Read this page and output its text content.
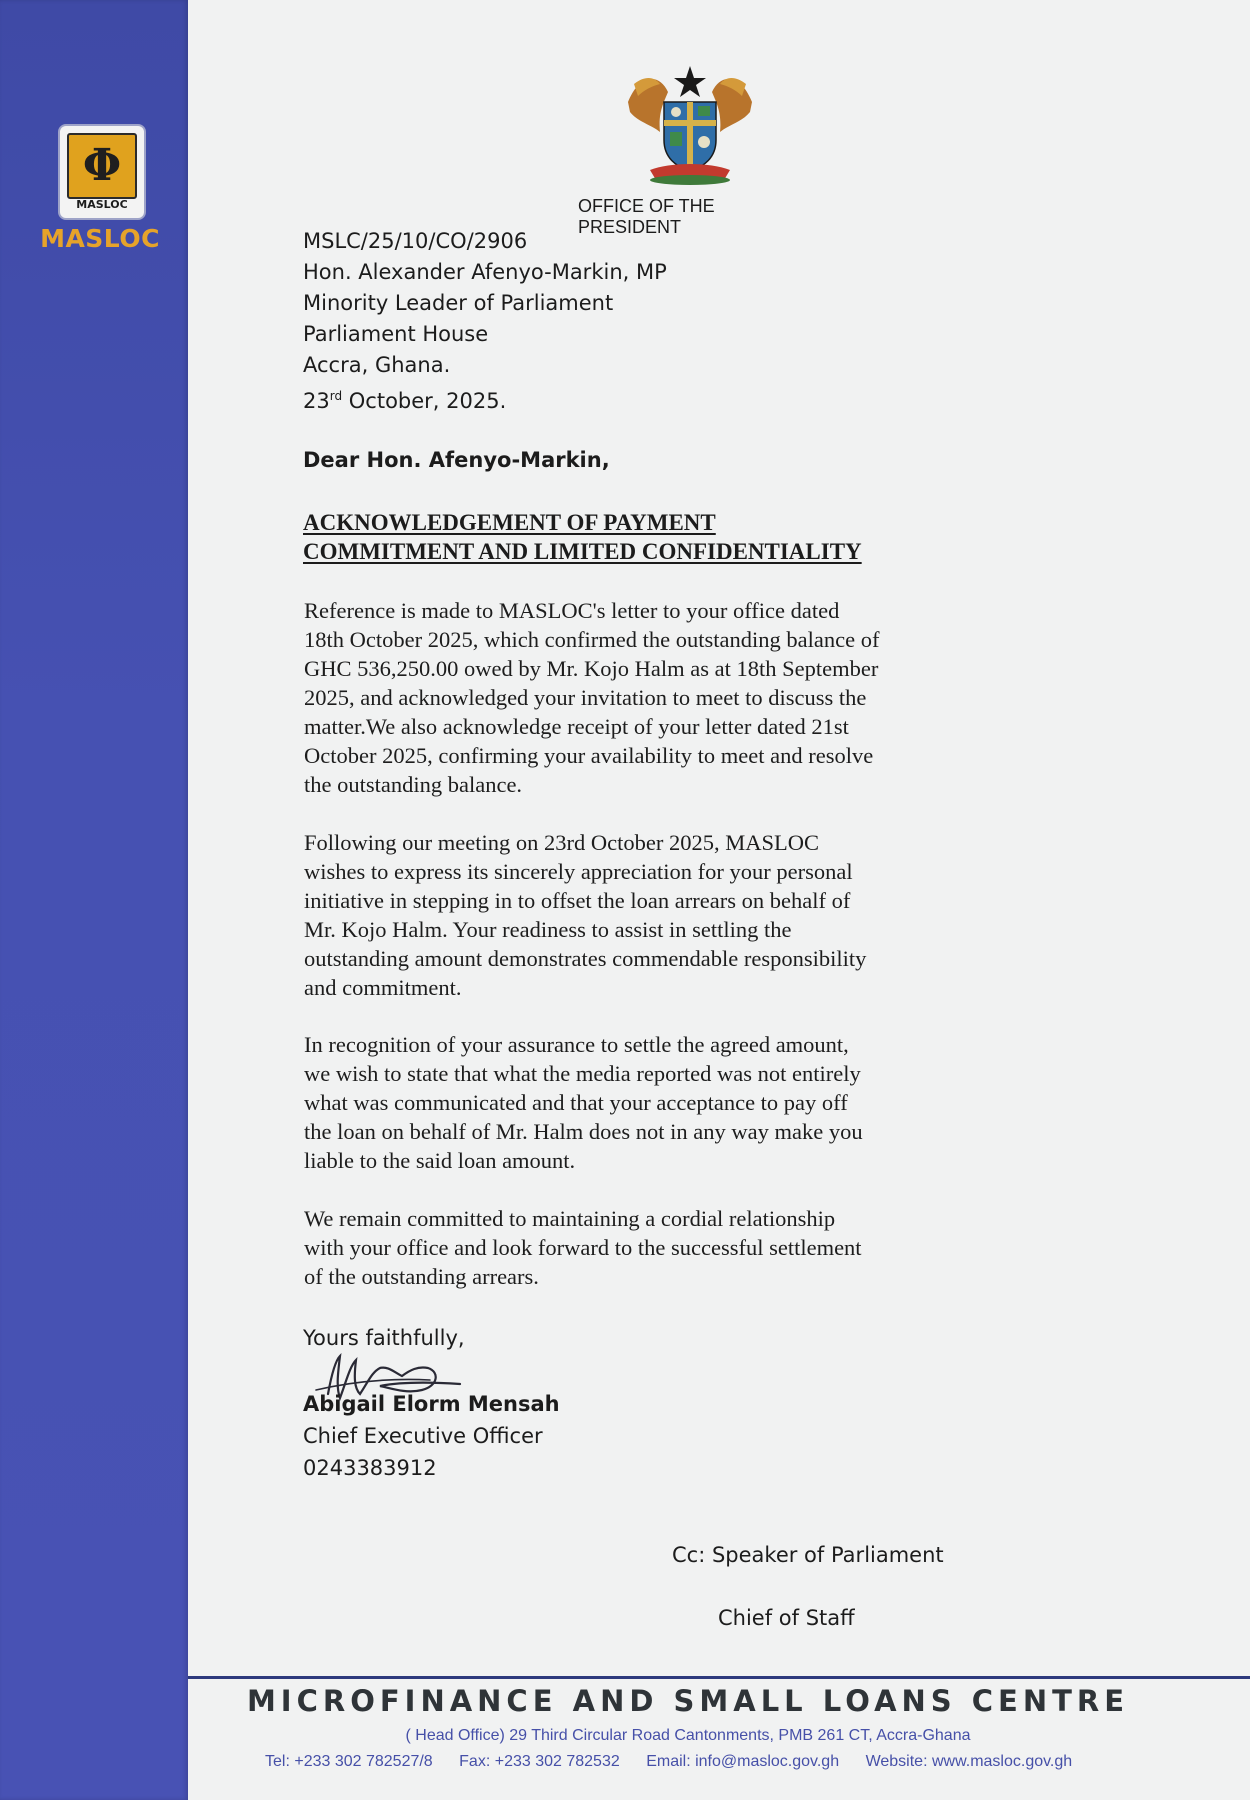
Φ
MASLOC
MASLOC
OFFICE OF THE PRESIDENT
MSLC/25/10/CO/2906
Hon. Alexander Afenyo-Markin, MP
Minority Leader of Parliament
Parliament House
Accra, Ghana.
23rd October, 2025.
Dear Hon. Afenyo-Markin,
ACKNOWLEDGEMENT OF PAYMENT
COMMITMENT AND LIMITED CONFIDENTIALITY
Reference is made to MASLOC's letter to your office dated
18th October 2025, which confirmed the outstanding balance of
GHC 536,250.00 owed by Mr. Kojo Halm as at 18th September
2025, and acknowledged your invitation to meet to discuss the
matter.We also acknowledge receipt of your letter dated 21st
October 2025, confirming your availability to meet and resolve
the outstanding balance.
Following our meeting on 23rd October 2025, MASLOC
wishes to express its sincerely appreciation for your personal
initiative in stepping in to offset the loan arrears on behalf of
Mr. Kojo Halm. Your readiness to assist in settling the
outstanding amount demonstrates commendable responsibility
and commitment.
In recognition of your assurance to settle the agreed amount,
we wish to state that what the media reported was not entirely
what was communicated and that your acceptance to pay off
the loan on behalf of Mr. Halm does not in any way make you
liable to the said loan amount.
We remain committed to maintaining a cordial relationship
with your office and look forward to the successful settlement
of the outstanding arrears.
Yours faithfully,
Abigail Elorm Mensah
Chief Executive Officer
0243383912
Cc: Speaker of Parliament
Chief of Staff
MICROFINANCE AND SMALL LOANS CENTRE
( Head Office) 29 Third Circular Road Cantonments, PMB 261 CT, Accra-Ghana
Tel: +233 302 782527/8 Fax: +233 302 782532 Email: info@masloc.gov.gh Website: www.masloc.gov.gh
